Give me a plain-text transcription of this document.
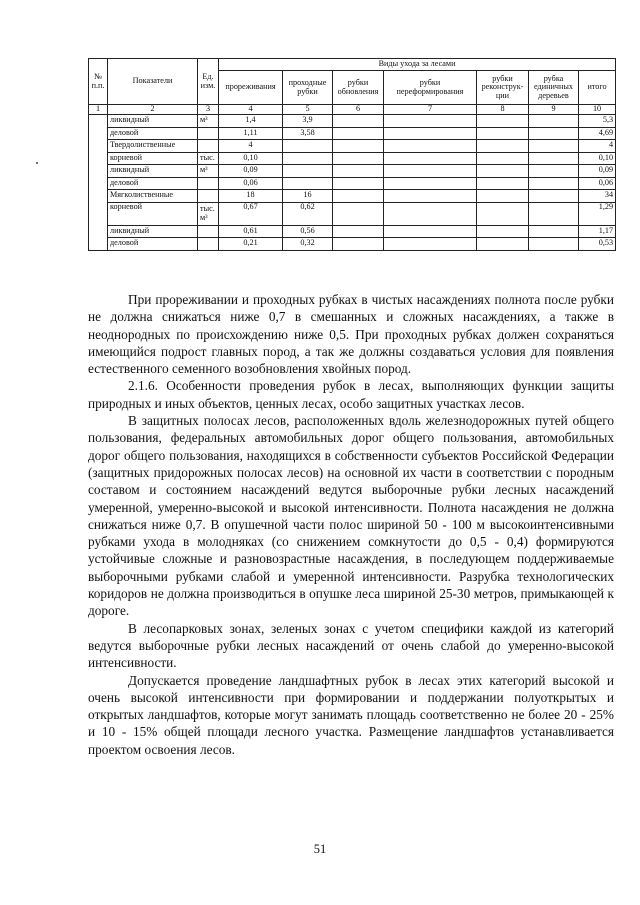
№ п.п.	Показатели	Ед. изм.	Виды ухода за лесами						
			прореживания	проходные рубки	рубки обновления	рубки переформирования	рубки реконструк-ции	рубка единичных деревьев	итого
1	2	3	4	5	6	7	8	9	10
	ликвидный	м³	1,4	3,9					5,3
	деловой		1,11	3,58					4,69
	Твердолиственные		4						4
	корневой	тыс.	0,10						0,10
	ликвидный	м³	0,09						0,09
	деловой		0,06						0,06
	Мягколиственные		18	16					34
	корневой	тыс. м³	0,67	0,62					1,29
	ликвидный		0,61	0,56					1,17
	деловой		0,21	0,32					0,53

При прореживании и проходных рубках в чистых насаждениях полнота после рубки не должна снижаться ниже 0,7 в смешанных и сложных насаждениях, а также в неоднородных по происхождению ниже 0,5. При проходных рубках должен сохраняться имеющийся подрост главных пород, а так же должны создаваться условия для появления естественного семенного возобновления хвойных пород.

2.1.6. Особенности проведения рубок в лесах, выполняющих функции защиты природных и иных объектов, ценных лесах, особо защитных участках лесов.

В защитных полосах лесов, расположенных вдоль железнодорожных путей общего пользования, федеральных автомобильных дорог общего пользования, автомобильных дорог общего пользования, находящихся в собственности субъектов Российской Федерации (защитных придорожных полосах лесов) на основной их части в соответствии с породным составом и состоянием насаждений ведутся выборочные рубки лесных насаждений умеренной, умеренно-высокой и высокой интенсивности. Полнота насаждения не должна снижаться ниже 0,7. В опушечной части полос шириной 50 - 100 м высокоинтенсивными рубками ухода в молодняках (со снижением сомкнутости до 0,5 - 0,4) формируются устойчивые сложные и разновозрастные насаждения, в последующем поддерживаемые выборочными рубками слабой и умеренной интенсивности. Разрубка технологических коридоров не должна производиться в опушке леса шириной 25-30 метров, примыкающей к дороге.

В лесопарковых зонах, зеленых зонах с учетом специфики каждой из категорий ведутся выборочные рубки лесных насаждений от очень слабой до умеренно-высокой интенсивности.

Допускается проведение ландшафтных рубок в лесах этих категорий высокой и очень высокой интенсивности при формировании и поддержании полуоткрытых и открытых ландшафтов, которые могут занимать площадь соответственно не более 20 - 25% и 10 - 15% общей площади лесного участка. Размещение ландшафтов устанавливается проектом освоения лесов.

51
